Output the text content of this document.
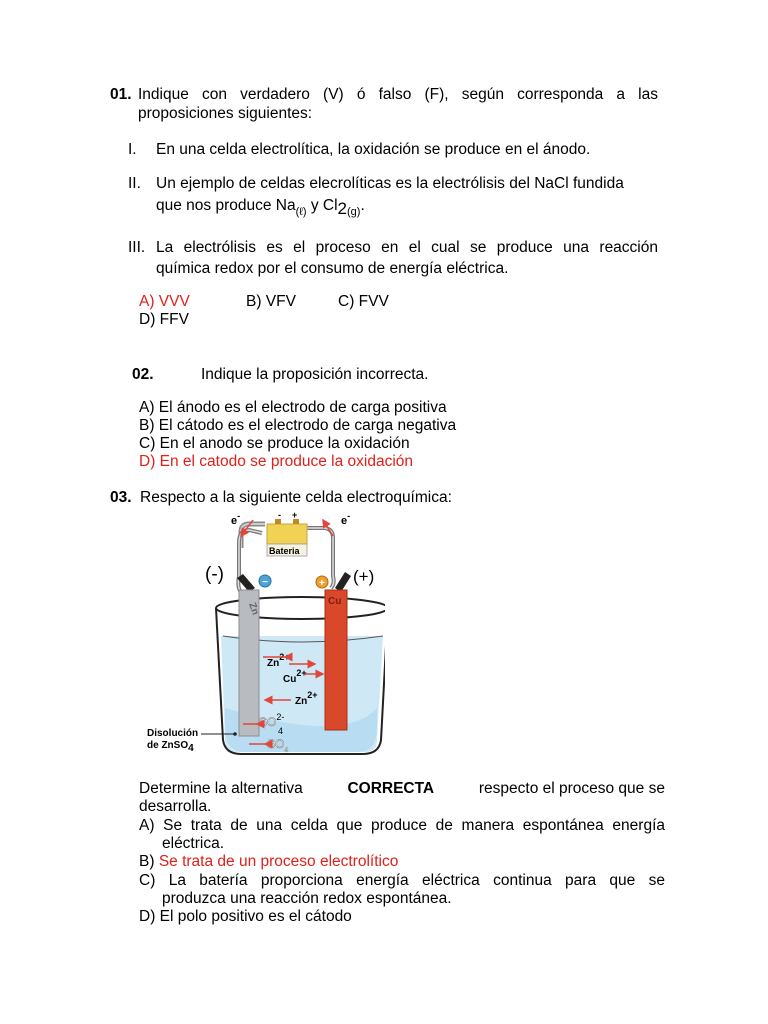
01. Indique con verdadero (V) ó falso (F), según corresponda a las
proposiciones siguientes:
I. En una celda electrolítica, la oxidación se produce en el ánodo.
II. Un ejemplo de celdas elecrolíticas es la electrólisis del NaCl fundida
que nos produce $Na_{(\ell)}$ y $Cl2_{(g)}$.
III. La electrólisis es el proceso en el cual se produce una reacción
química redox por el consumo de energía eléctrica.
A) VVV	B) VFV	C) FVV
D) FFV
02.	Indique la proposición incorrecta.
A) El ánodo es el electrodo de carga positiva
B) El cátodo es el electrodo de carga negativa
C) En el anodo se produce la oxidación
D) En el catodo se produce la oxidación
03. Respecto a la siguiente celda electroquímica:
e-	e-
- +
Bateria
(-)	(+)
−	+
Zn	Cu
Zn2+
Cu2+
Zn2+
$SO^{2-}$
4
$SO_4$
Disolución
de ZnSO4
Determine la alternativa	CORRECTA	respecto el proceso que se
desarrolla.
A) Se trata de una celda que produce de manera espontánea energía
eléctrica.
B) Se trata de un proceso electrolítico
C) La batería proporciona energía eléctrica continua para que se
produzca una reacción redox espontánea.
D) El polo positivo es el cátodo
